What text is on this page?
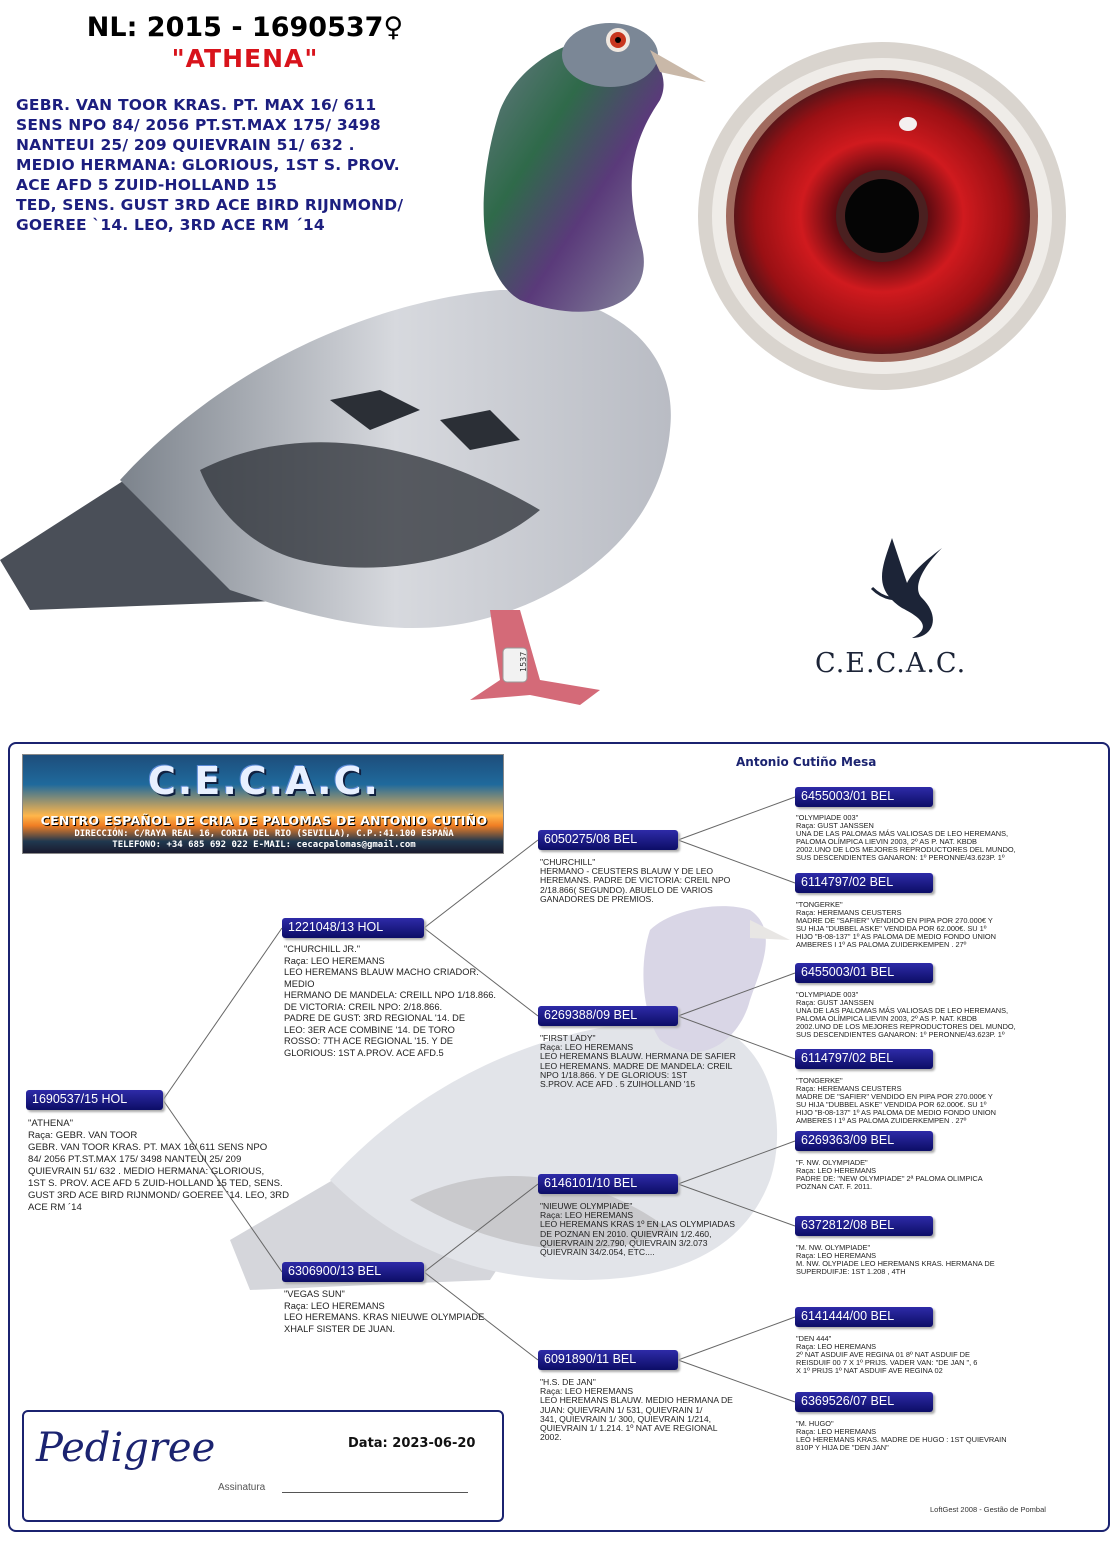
NL: 2015 - 1690537♀
"ATHENA"
GEBR. VAN TOOR KRAS. PT. MAX 16/ 611
SENS NPO 84/ 2056 PT.ST.MAX 175/ 3498
NANTEUI 25/ 209 QUIEVRAIN 51/ 632 .
MEDIO HERMANA: GLORIOUS, 1ST S. PROV.
ACE AFD 5 ZUID-HOLLAND 15
TED, SENS. GUST 3RD ACE BIRD RIJNMOND/
GOEREE `14. LEO, 3RD ACE RM ´14
1537	C.E.C.A.C.
C.E.C.A.C.
CENTRO ESPAÑOL DE CRIA DE PALOMAS DE ANTONIO CUTIÑO
DIRECCIÓN: C/RAYA REAL 16, CORIA DEL RIO (SEVILLA), C.P.:41.100 ESPAÑA
TELEFONO: +34 685 692 022 E-MAIL: cecacpalomas@gmail.com
Antonio Cutiño Mesa
1690537/15 HOL
"ATHENA"
Raça: GEBR. VAN TOOR
GEBR. VAN TOOR KRAS. PT. MAX 16/ 611 SENS NPO
84/ 2056 PT.ST.MAX 175/ 3498 NANTEUI 25/ 209
QUIEVRAIN 51/ 632 . MEDIO HERMANA: GLORIOUS,
1ST S. PROV. ACE AFD 5 ZUID-HOLLAND 15 TED, SENS.
GUST 3RD ACE BIRD RIJNMOND/ GOEREE `14. LEO, 3RD
ACE RM ´14
1221048/13 HOL
"CHURCHILL JR."
Raça: LEO HEREMANS
LEO HEREMANS BLAUW MACHO CRIADOR. MEDIO
HERMANO DE MANDELA: CREILL NPO 1/18.866.
DE VICTORIA: CREIL NPO: 2/18.866.
PADRE DE GUST: 3RD REGIONAL '14. DE
LEO: 3ER ACE COMBINE '14. DE TORO
ROSSO: 7TH ACE REGIONAL '15. Y DE
GLORIOUS: 1ST A.PROV. ACE AFD.5
6306900/13 BEL
"VEGAS SUN"
Raça: LEO HEREMANS
LEO HEREMANS. KRAS NIEUWE OLYMPIADE
XHALF SISTER DE JUAN.
6050275/08 BEL
"CHURCHILL"
HERMANO - CEUSTERS BLAUW Y DE LEO
HEREMANS. PADRE DE VICTORIA: CREIL NPO
2/18.866( SEGUNDO). ABUELO DE VARIOS
GANADORES DE PREMIOS.
6269388/09 BEL
"FIRST LADY"
Raça: LEO HEREMANS
LEO HEREMANS BLAUW. HERMANA DE SAFIER
LEO HEREMANS. MADRE DE MANDELA: CREIL
NPO 1/18.866. Y DE GLORIOUS: 1ST
S.PROV. ACE AFD . 5 ZUIHOLLAND '15
6146101/10 BEL
"NIEUWE OLYMPIADE"
Raça: LEO HEREMANS
LEO HEREMANS KRAS 1º EN LAS OLYMPIADAS
DE POZNAN EN 2010. QUIEVRAIN 1/2.460,
QUIERVRAIN 2/2.790, QUIEVRAIN 3/2.073
QUIEVRAIN 34/2.054, ETC....
6091890/11 BEL
"H.S. DE JAN"
Raça: LEO HEREMANS
LEO HEREMANS BLAUW. MEDIO HERMANA DE
JUAN: QUIEVRAIN 1/ 531, QUIEVRAIN 1/
341, QUIEVRAIN 1/ 300, QUIEVRAIN 1/214,
QUIEVRAIN 1/ 1.214. 1º NAT AVE REGIONAL
2002.
6455003/01 BEL
"OLYMPIADE 003"
Raça: GUST JANSSEN
UNA DE LAS PALOMAS MÁS VALIOSAS DE LEO HEREMANS,
PALOMA OLÍMPICA LIEVIN 2003, 2º AS P. NAT. KBDB
2002.UNO DE LOS MEJORES REPRODUCTORES DEL MUNDO,
SUS DESCENDIENTES GANARON: 1º PERONNE/43.623P. 1º
6114797/02 BEL
"TONGERKE"
Raça: HEREMANS CEUSTERS
MADRE DE "SAFIER" VENDIDO EN PIPA POR 270.000€ Y
SU HIJA "DUBBEL ASKE" VENDIDA POR 62.000€. SU 1º
HIJO "B-08-137" 1º AS PALOMA DE MEDIO FONDO UNION
AMBERES I 1º AS PALOMA ZUIDERKEMPEN . 27º
6455003/01 BEL
"OLYMPIADE 003"
Raça: GUST JANSSEN
UNA DE LAS PALOMAS MÁS VALIOSAS DE LEO HEREMANS,
PALOMA OLÍMPICA LIEVIN 2003, 2º AS P. NAT. KBDB
2002.UNO DE LOS MEJORES REPRODUCTORES DEL MUNDO,
SUS DESCENDIENTES GANARON: 1º PERONNE/43.623P. 1º
6114797/02 BEL
"TONGERKE"
Raça: HEREMANS CEUSTERS
MADRE DE "SAFIER" VENDIDO EN PIPA POR 270.000€ Y
SU HIJA "DUBBEL ASKE" VENDIDA POR 62.000€. SU 1º
HIJO "B-08-137" 1º AS PALOMA DE MEDIO FONDO UNION
AMBERES I 1º AS PALOMA ZUIDERKEMPEN . 27º
6269363/09 BEL
"F. NW. OLYMPIADE"
Raça: LEO HEREMANS
PADRE DE: "NEW OLYMPIADE" 2ª PALOMA OLIMPICA
POZNAN CAT. F. 2011.
6372812/08 BEL
"M. NW. OLYMPIADE"
Raça: LEO HEREMANS
M. NW. OLYPIADE LEO HEREMANS KRAS. HERMANA DE
SUPERDUIFJE: 1ST 1.208 , 4TH
6141444/00 BEL
"DEN 444"
Raça: LEO HEREMANS
2º NAT ASDUIF AVE REGINA 01 8º NAT ASDUIF DE
REISDUIF 00 7 X 1º PRIJS. VADER VAN: "DE JAN ", 6
X 1º PRIJS 1º NAT ASDUIF AVE REGINA 02
6369526/07 BEL
"M. HUGO"
Raça: LEO HEREMANS
LEO HEREMANS KRAS. MADRE DE HUGO : 1ST QUIEVRAIN
810P Y HIJA DE "DEN JAN"
Pedigree	Data: 2023-06-20
Assinatura
LoftGest 2008 - Gestão de Pombal
